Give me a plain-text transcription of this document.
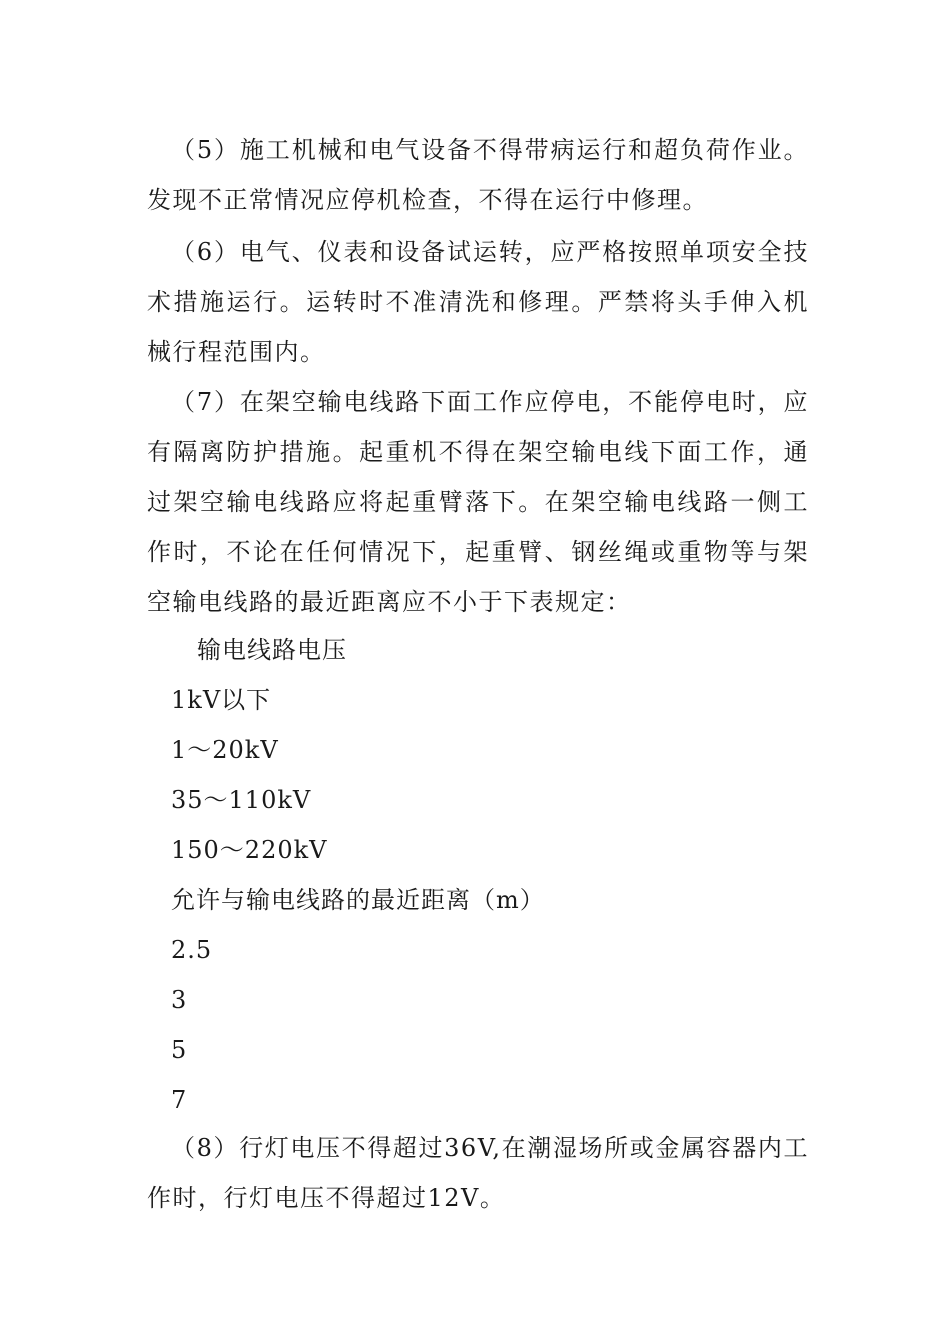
（5）施工机械和电气设备不得带病运行和超负荷作业。发现不正常情况应停机检查，不得在运行中修理。

（6）电气、仪表和设备试运转，应严格按照单项安全技术措施运行。运转时不准清洗和修理。严禁将头手伸入机械行程范围内。

（7）在架空输电线路下面工作应停电，不能停电时，应有隔离防护措施。起重机不得在架空输电线下面工作，通过架空输电线路应将起重臂落下。在架空输电线路一侧工作时，不论在任何情况下，起重臂、钢丝绳或重物等与架空输电线路的最近距离应不小于下表规定：

输电线路电压
1kV以下
1～20kV
35～110kV
150～220kV
允许与输电线路的最近距离（m）
2.5
3
5
7

（8）行灯电压不得超过36V,在潮湿场所或金属容器内工作时，行灯电压不得超过12V。
